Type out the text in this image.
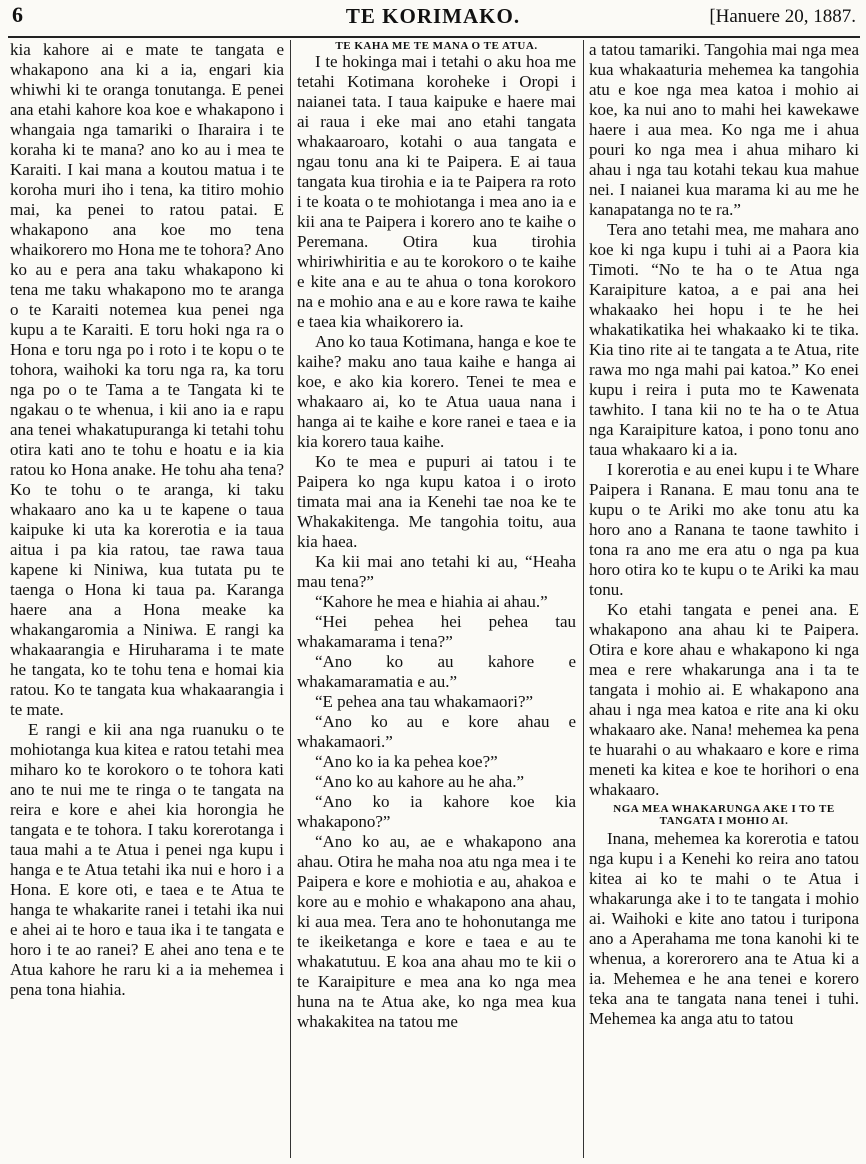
6	TE KORIMAKO.	[Hanuere 20, 1887.

kia kahore ai e mate te tangata e whakapono ana ki a ia, engari kia whiwhi ki te oranga tonutanga. E penei ana etahi kahore koa koe e whakapono i whangaia nga tamariki o Iharaira i te koraha ki te mana? ano ko au i mea te Karaiti. I kai mana a koutou matua i te koroha muri iho i tena, ka titiro mohio mai, ka penei to ratou patai. E whakapono ana koe mo tena whaikorero mo Hona me te tohora? Ano ko au e pera ana taku whakapono ki tena me taku whakapono mo te aranga o te Karaiti notemea kua penei nga kupu a te Karaiti. E toru hoki nga ra o Hona e toru nga po i roto i te kopu o te tohora, waihoki ka toru nga ra, ka toru nga po o te Tama a te Tangata ki te ngakau o te whenua, i kii ano ia e rapu ana tenei whakatupuranga ki tetahi tohu otira kati ano te tohu e hoatu e ia kia ratou ko Hona anake. He tohu aha tena? Ko te tohu o te aranga, ki taku whakaaro ano ka u te kapene o taua kaipuke ki uta ka korerotia e ia taua aitua i pa kia ratou, tae rawa taua kapene ki Niniwa, kua tutata pu te taenga o Hona ki taua pa. Karanga haere ana a Hona meake ka whakangaromia a Niniwa. E rangi ka whakaarangia e Hiruharama i te mate he tangata, ko te tohu tena e homai kia ratou. Ko te tangata kua whakaarangia i te mate.

E rangi e kii ana nga ruanuku o te mohiotanga kua kitea e ratou tetahi mea miharo ko te korokoro o te tohora kati ano te nui me te ringa o te tangata na reira e kore e ahei kia horongia he tangata e te tohora. I taku korerotanga i taua mahi a te Atua i penei nga kupu i hanga e te Atua tetahi ika nui e horo i a Hona. E kore oti, e taea e te Atua te hanga te whakarite ranei i tetahi ika nui e ahei ai te horo e taua ika i te tangata e horo i te ao ranei? E ahei ano tena e te Atua kahore he raru ki a ia mehemea i pena tona hiahia.

TE KAHA ME TE MANA O TE ATUA.

I te hokinga mai i tetahi o aku hoa me tetahi Kotimana koroheke i Oropi i naianei tata. I taua kaipuke e haere mai ai raua i eke mai ano etahi tangata whakaaroaro, kotahi o aua tangata e ngau tonu ana ki te Paipera. E ai taua tangata kua tirohia e ia te Paipera ra roto i te koata o te mohiotanga i mea ano ia e kii ana te Paipera i korero ano te kaihe o Peremana. Otira kua tirohia whiriwhiritia e au te korokoro o te kaihe e kite ana e au te ahua o tona korokoro na e mohio ana e au e kore rawa te kaihe e taea kia whaikorero ia.

Ano ko taua Kotimana, hanga e koe te kaihe? maku ano taua kaihe e hanga ai koe, e ako kia korero. Tenei te mea e whakaaro ai, ko te Atua uaua nana i hanga ai te kaihe e kore ranei e taea e ia kia korero taua kaihe.

Ko te mea e pupuri ai tatou i te Paipera ko nga kupu katoa i o iroto timata mai ana ia Kenehi tae noa ke te Whakakitenga. Me tangohia toitu, aua kia haea.

Ka kii mai ano tetahi ki au, “Heaha mau tena?”

“Kahore he mea e hiahia ai ahau.”

“Hei pehea hei pehea tau whakamarama i tena?”

“Ano ko au kahore e whakamaramatia e au.”

“E pehea ana tau whakamaori?”

“Ano ko au e kore ahau e whakamaori.”

“Ano ko ia ka pehea koe?”

“Ano ko au kahore au he aha.”

“Ano ko ia kahore koe kia whakapono?”

“Ano ko au, ae e whakapono ana ahau. Otira he maha noa atu nga mea i te Paipera e kore e mohiotia e au, ahakoa e kore au e mohio e whakapono ana ahau, ki aua mea. Tera ano te hohonutanga me te ikeiketanga e kore e taea e au te whakatutuu. E koa ana ahau mo te kii o te Karaipiture e mea ana ko nga mea huna na te Atua ake, ko nga mea kua whakakitea na tatou me

a tatou tamariki. Tangohia mai nga mea kua whakaaturia mehemea ka tangohia atu e koe nga mea katoa i mohio ai koe, ka nui ano to mahi hei kawekawe haere i aua mea. Ko nga me i ahua pouri ko nga mea i ahua miharo ki ahau i nga tau kotahi tekau kua mahue nei. I naianei kua marama ki au me he kanapatanga no te ra.”

Tera ano tetahi mea, me mahara ano koe ki nga kupu i tuhi ai a Paora kia Timoti. “No te ha o te Atua nga Karaipiture katoa, a e pai ana hei whakaako hei hopu i te he hei whakatikatika hei whakaako ki te tika. Kia tino rite ai te tangata a te Atua, rite rawa mo nga mahi pai katoa.” Ko enei kupu i reira i puta mo te Kawenata tawhito. I tana kii no te ha o te Atua nga Karaipiture katoa, i pono tonu ano taua whakaaro ki a ia.

I korerotia e au enei kupu i te Whare Paipera i Ranana. E mau tonu ana te kupu o te Ariki mo ake tonu atu ka horo ano a Ranana te taone tawhito i tona ra ano me era atu o nga pa kua horo otira ko te kupu o te Ariki ka mau tonu.

Ko etahi tangata e penei ana. E whakapono ana ahau ki te Paipera. Otira e kore ahau e whakapono ki nga mea e rere whakarunga ana i ta te tangata i mohio ai. E whakapono ana ahau i nga mea katoa e rite ana ki oku whakaaro ake. Nana! mehemea ka pena te huarahi o au whakaaro e kore e rima meneti ka kitea e koe te horihori o ena whakaaro.

NGA MEA WHAKARUNGA AKE I TO TE TANGATA I MOHIO AI.

Inana, mehemea ka korerotia e tatou nga kupu i a Kenehi ko reira ano tatou kitea ai ko te mahi o te Atua i whakarunga ake i to te tangata i mohio ai. Waihoki e kite ano tatou i turipona ano a Aperahama me tona kanohi ki te whenua, a korerorero ana te Atua ki a ia. Mehemea e he ana tenei e korero teka ana te tangata nana tenei i tuhi. Mehemea ka anga atu to tatou
